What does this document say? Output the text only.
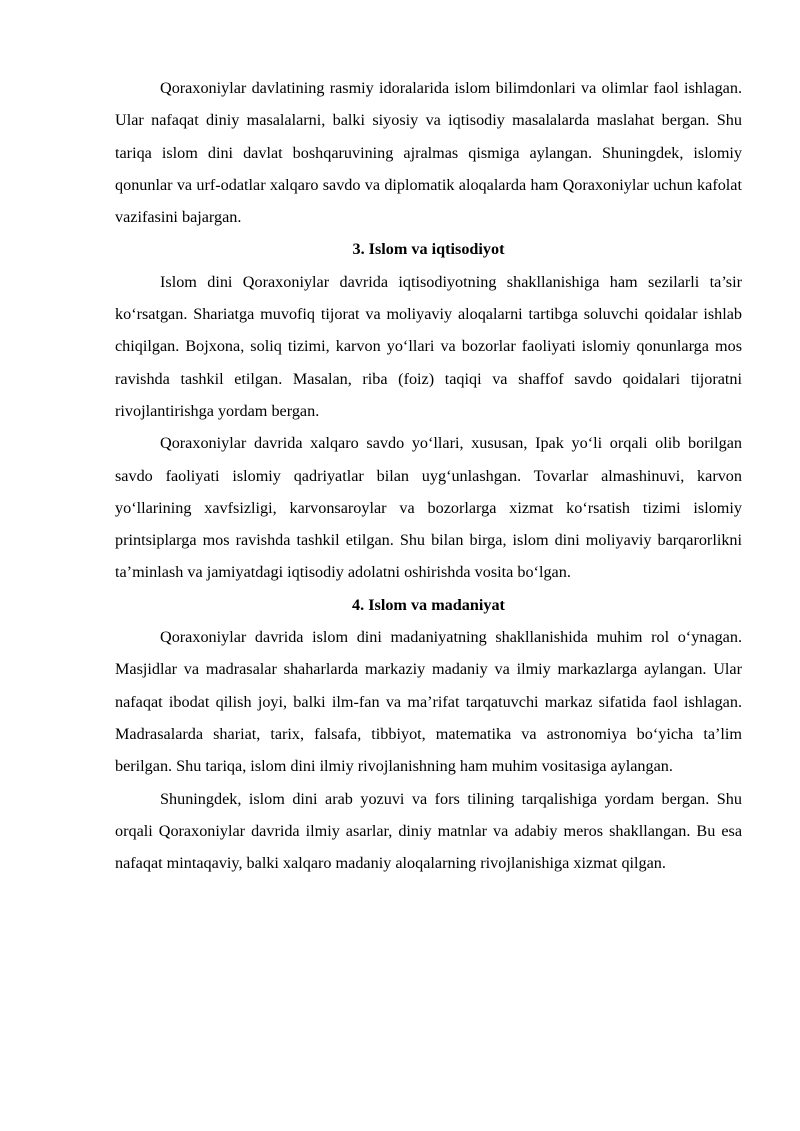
Qoraxoniylar davlatining rasmiy idoralarida islom bilimdonlari va olimlar faol ishlagan. Ular nafaqat diniy masalalarni, balki siyosiy va iqtisodiy masalalarda maslahat bergan. Shu tariqa islom dini davlat boshqaruvining ajralmas qismiga aylangan. Shuningdek, islomiy qonunlar va urf-odatlar xalqaro savdo va diplomatik aloqalarda ham Qoraxoniylar uchun kafolat vazifasini bajargan.

3. Islom va iqtisodiyot

Islom dini Qoraxoniylar davrida iqtisodiyotning shakllanishiga ham sezilarli ta’sir ko‘rsatgan. Shariatga muvofiq tijorat va moliyaviy aloqalarni tartibga soluvchi qoidalar ishlab chiqilgan. Bojxona, soliq tizimi, karvon yo‘llari va bozorlar faoliyati islomiy qonunlarga mos ravishda tashkil etilgan. Masalan, riba (foiz) taqiqi va shaffof savdo qoidalari tijoratni rivojlantirishga yordam bergan.

Qoraxoniylar davrida xalqaro savdo yo‘llari, xususan, Ipak yo‘li orqali olib borilgan savdo faoliyati islomiy qadriyatlar bilan uyg‘unlashgan. Tovarlar almashinuvi, karvon yo‘llarining xavfsizligi, karvonsaroylar va bozorlarga xizmat ko‘rsatish tizimi islomiy printsiplarga mos ravishda tashkil etilgan. Shu bilan birga, islom dini moliyaviy barqarorlikni ta’minlash va jamiyatdagi iqtisodiy adolatni oshirishda vosita bo‘lgan.

4. Islom va madaniyat

Qoraxoniylar davrida islom dini madaniyatning shakllanishida muhim rol o‘ynagan. Masjidlar va madrasalar shaharlarda markaziy madaniy va ilmiy markazlarga aylangan. Ular nafaqat ibodat qilish joyi, balki ilm-fan va ma’rifat tarqatuvchi markaz sifatida faol ishlagan. Madrasalarda shariat, tarix, falsafa, tibbiyot, matematika va astronomiya bo‘yicha ta’lim berilgan. Shu tariqa, islom dini ilmiy rivojlanishning ham muhim vositasiga aylangan.

Shuningdek, islom dini arab yozuvi va fors tilining tarqalishiga yordam bergan. Shu orqali Qoraxoniylar davrida ilmiy asarlar, diniy matnlar va adabiy meros shakllangan. Bu esa nafaqat mintaqaviy, balki xalqaro madaniy aloqalarning rivojlanishiga xizmat qilgan.
